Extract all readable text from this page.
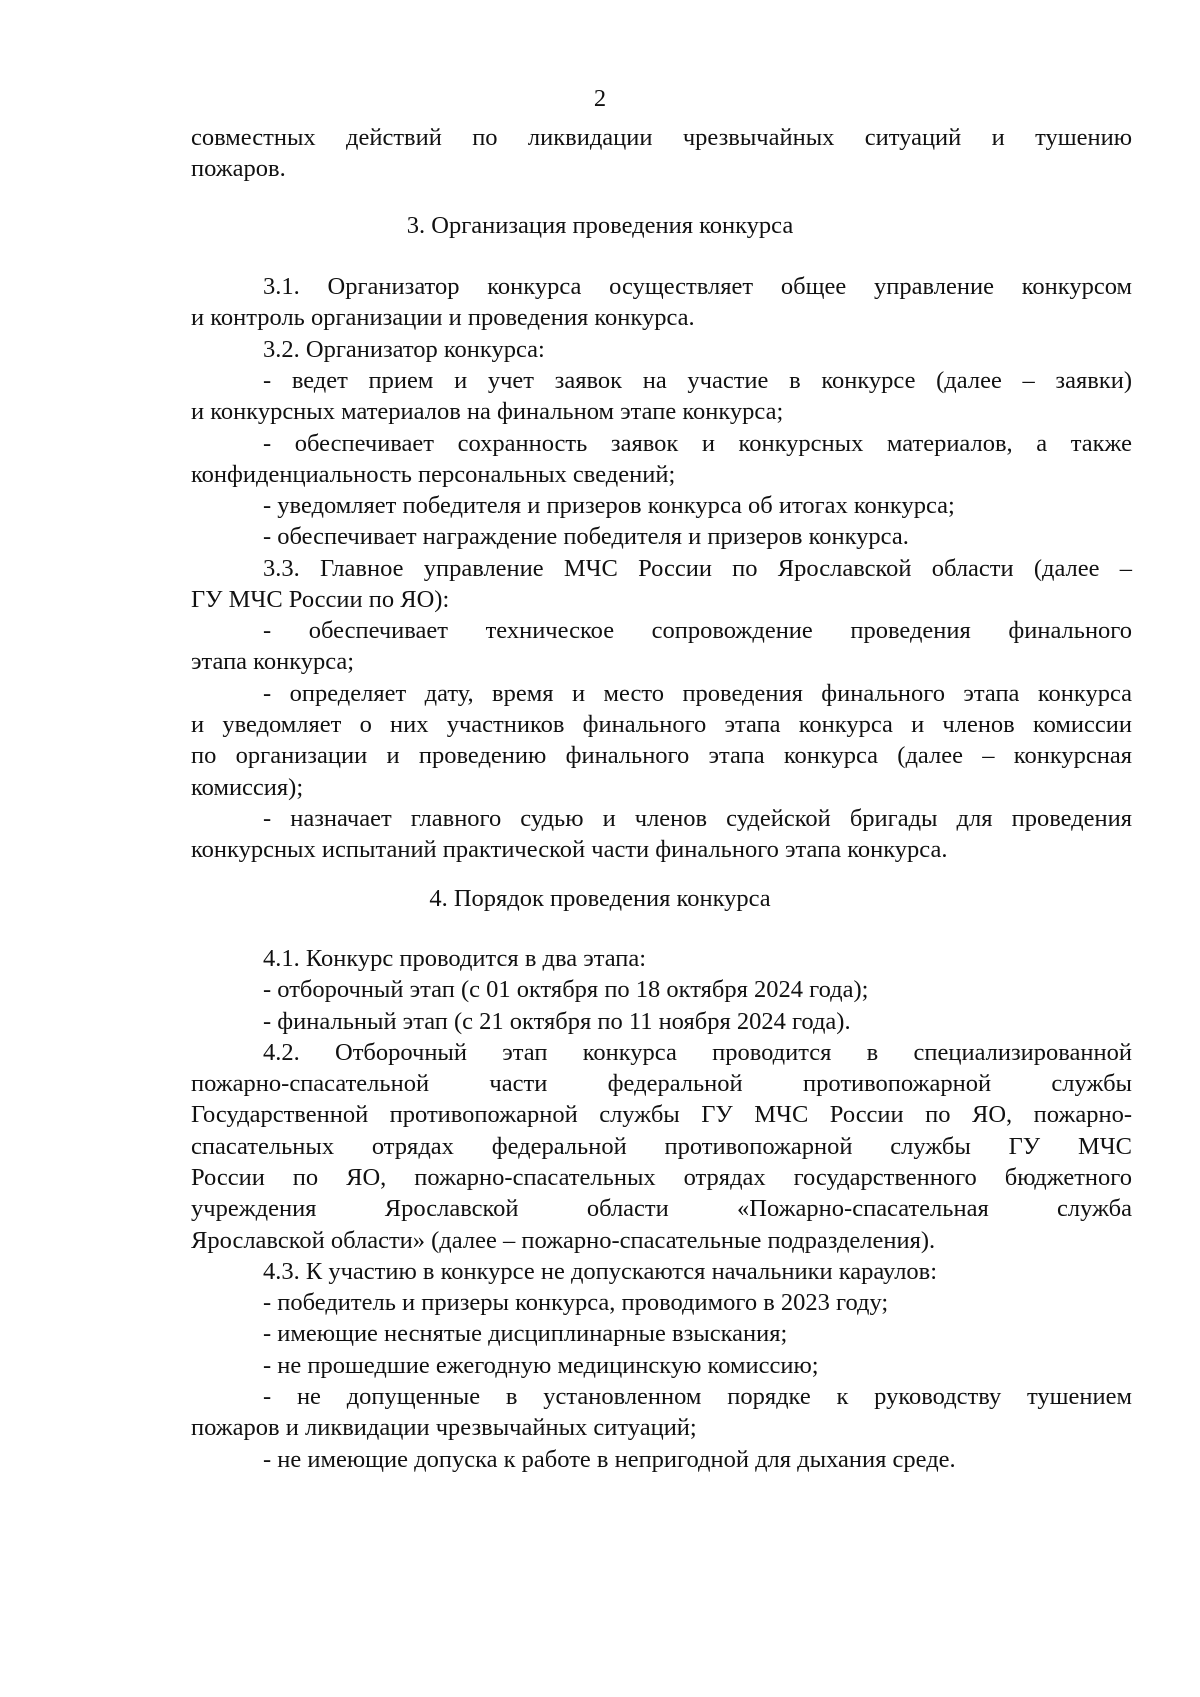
2
совместных действий по ликвидации чрезвычайных ситуаций и тушению
пожаров.
3. Организация проведения конкурса
3.1. Организатор конкурса осуществляет общее управление конкурсом
и контроль организации и проведения конкурса.
3.2. Организатор конкурса:
- ведет прием и учет заявок на участие в конкурсе (далее – заявки)
и конкурсных материалов на финальном этапе конкурса;
- обеспечивает сохранность заявок и конкурсных материалов, а также
конфиденциальность персональных сведений;
- уведомляет победителя и призеров конкурса об итогах конкурса;
- обеспечивает награждение победителя и призеров конкурса.
3.3. Главное управление МЧС России по Ярославской области (далее –
ГУ МЧС России по ЯО):
- обеспечивает техническое сопровождение проведения финального
этапа конкурса;
- определяет дату, время и место проведения финального этапа конкурса
и уведомляет о них участников финального этапа конкурса и членов комиссии
по организации и проведению финального этапа конкурса (далее – конкурсная
комиссия);
- назначает главного судью и членов судейской бригады для проведения
конкурсных испытаний практической части финального этапа конкурса.
4. Порядок проведения конкурса
4.1. Конкурс проводится в два этапа:
- отборочный этап (с 01 октября по 18 октября 2024 года);
- финальный этап (с 21 октября по 11 ноября 2024 года).
4.2. Отборочный этап конкурса проводится в специализированной
пожарно-спасательной части федеральной противопожарной службы
Государственной противопожарной службы ГУ МЧС России по ЯО, пожарно-
спасательных отрядах федеральной противопожарной службы ГУ МЧС
России по ЯО, пожарно-спасательных отрядах государственного бюджетного
учреждения Ярославской области «Пожарно-спасательная служба
Ярославской области» (далее – пожарно-спасательные подразделения).
4.3. К участию в конкурсе не допускаются начальники караулов:
- победитель и призеры конкурса, проводимого в 2023 году;
- имеющие неснятые дисциплинарные взыскания;
- не прошедшие ежегодную медицинскую комиссию;
- не допущенные в установленном порядке к руководству тушением
пожаров и ликвидации чрезвычайных ситуаций;
- не имеющие допуска к работе в непригодной для дыхания среде.
